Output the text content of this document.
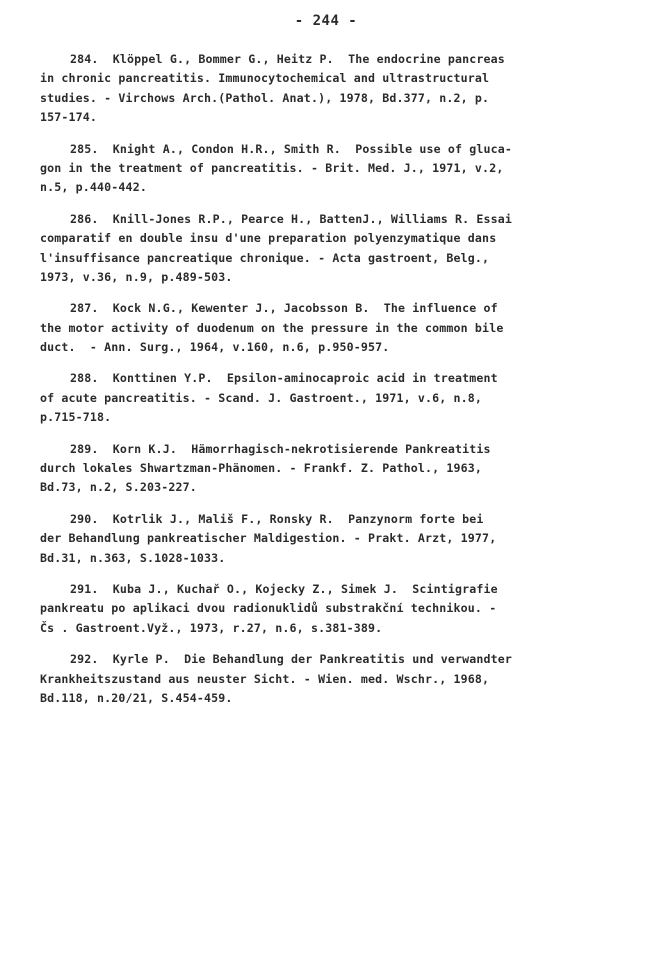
- 244 -
284.  Klöppel G., Bommer G., Heitz P.  The endocrine pancreas
in chronic pancreatitis. Immunocytochemical and ultrastructural
studies. - Virchows Arch.(Pathol. Anat.), 1978, Bd.377, n.2, p.
157-174.
285.  Knight A., Condon H.R., Smith R.  Possible use of gluca-
gon in the treatment of pancreatitis. - Brit. Med. J., 1971, v.2,
n.5, p.440-442.
286.  Knill-Jones R.P., Pearce H., BattenJ., Williams R. Essai
comparatif en double insu d'une preparation polyenzymatique dans
l'insuffisance pancreatique chronique. - Acta gastroent, Belg.,
1973, v.36, n.9, p.489-503.
287.  Kock N.G., Kewenter J., Jacobsson B.  The influence of
the motor activity of duodenum on the pressure in the common bile
duct.  - Ann. Surg., 1964, v.160, n.6, p.950-957.
288.  Konttinen Y.P.  Epsilon-aminocaproic acid in treatment
of acute pancreatitis. - Scand. J. Gastroent., 1971, v.6, n.8,
p.715-718.
289.  Korn K.J.  Hämorrhagisch-nekrotisierende Pankreatitis
durch lokales Shwartzman-Phänomen. - Frankf. Z. Pathol., 1963,
Bd.73, n.2, S.203-227.
290.  Kotrlik J., Mališ F., Ronsky R.  Panzynorm forte bei
der Behandlung pankreatischer Maldigestion. - Prakt. Arzt, 1977,
Bd.31, n.363, S.1028-1033.
291.  Kuba J., Kuchař O., Kojecky Z., Simek J.  Scintigrafie
pankreatu po aplikaci dvou radionuklidů substrakční technikou. -
Čs . Gastroent.Vyž., 1973, r.27, n.6, s.381-389.
292.  Kyrle P.  Die Behandlung der Pankreatitis und verwandter
Krankheitszustand aus neuster Sicht. - Wien. med. Wschr., 1968,
Bd.118, n.20/21, S.454-459.
